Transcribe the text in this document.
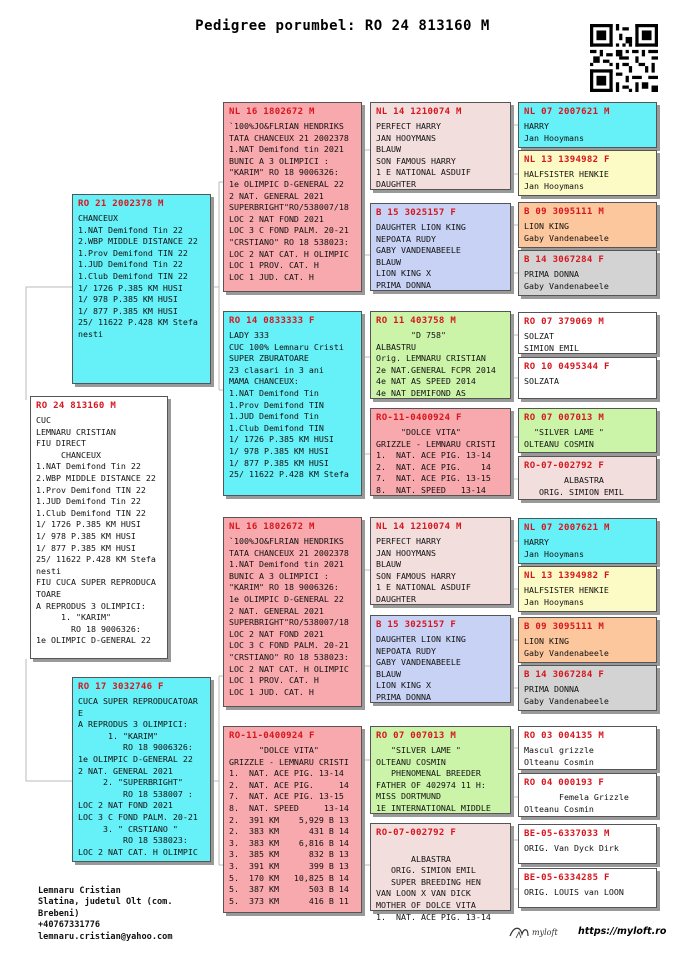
Pedigree porumbel: RO 24 813160 M
RO 24 813160 M
CUC
LEMNARU CRISTIAN
FIU DIRECT
CHANCEUX
1.NAT Demifond Tin 22
2.WBP MIDDLE DISTANCE 22
1.Prov Demifond TIN 22
1.JUD Demifond Tin 22
1.Club Demifond TIN 22
1/ 1726 P.385 KM HUSI
1/ 978 P.385 KM HUSI
1/ 877 P.385 KM HUSI
25/ 11622 P.428 KM Stefa
nesti
FIU CUCA SUPER REPRODUCA
TOARE
A REPRODUS 3 OLIMPICI:
1. "KARIM"
RO 18 9006326:
1e OLIMPIC D-GENERAL 22
RO 21 2002378 M
CHANCEUX
1.NAT Demifond Tin 22
2.WBP MIDDLE DISTANCE 22
1.Prov Demifond TIN 22
1.JUD Demifond Tin 22
1.Club Demifond TIN 22
1/ 1726 P.385 KM HUSI
1/ 978 P.385 KM HUSI
1/ 877 P.385 KM HUSI
25/ 11622 P.428 KM Stefa
nesti
RO 17 3032746 F
CUCA SUPER REPRODUCATOAR
E
A REPRODUS 3 OLIMPICI:
1. "KARIM"
RO 18 9006326:
1e OLIMPIC D-GENERAL 22
2 NAT. GENERAL 2021
2. "SUPERBRIGHT"
RO 18 538007 :
LOC 2 NAT FOND 2021
LOC 3 C FOND PALM. 20-21
3. " CRSTIANO "
RO 18 538023:
LOC 2 NAT CAT. H OLIMPIC
NL 16 1802672 M
`100%JO&FLRIAN HENDRIKS
TATA CHANCEUX 21 2002378
1.NAT Demifond tin 2021
BUNIC A 3 OLIMPICI :
"KARIM" RO 18 9006326:
1e OLIMPIC D-GENERAL 22
2 NAT. GENERAL 2021
SUPERBRIGHT"RO/538007/18
LOC 2 NAT FOND 2021
LOC 3 C FOND PALM. 20-21
"CRSTIANO" RO 18 538023:
LOC 2 NAT CAT. H OLIMPIC
LOC 1 PROV. CAT. H
LOC 1 JUD. CAT. H
RO 14 0833333 F
LADY 333
CUC 100% Lemnaru Cristi
SUPER ZBURATOARE
23 clasari in 3 ani
MAMA CHANCEUX:
1.NAT Demifond Tin
1.Prov Demifond TIN
1.JUD Demifond Tin
1.Club Demifond TIN
1/ 1726 P.385 KM HUSI
1/ 978 P.385 KM HUSI
1/ 877 P.385 KM HUSI
25/ 11622 P.428 KM Stefa
NL 16 1802672 M
`100%JO&FLRIAN HENDRIKS
TATA CHANCEUX 21 2002378
1.NAT Demifond tin 2021
BUNIC A 3 OLIMPICI :
"KARIM" RO 18 9006326:
1e OLIMPIC D-GENERAL 22
2 NAT. GENERAL 2021
SUPERBRIGHT"RO/538007/18
LOC 2 NAT FOND 2021
LOC 3 C FOND PALM. 20-21
"CRSTIANO" RO 18 538023:
LOC 2 NAT CAT. H OLIMPIC
LOC 1 PROV. CAT. H
LOC 1 JUD. CAT. H
RO-11-0400924 F
"DOLCE VITA"
GRIZZLE - LEMNARU CRISTI
1.  NAT. ACE PIG. 13-14
2.  NAT. ACE PIG.     14
7.  NAT. ACE PIG. 13-15
8.  NAT. SPEED     13-14
2.  391 KM    5,929 B 13
2.  383 KM      431 B 14
3.  383 KM    6,816 B 14
3.  385 KM      832 B 13
3.  391 KM      399 B 13
5.  170 KM   10,825 B 14
5.  387 KM      503 B 14
5.  373 KM      416 B 11
NL 14 1210074 M
PERFECT HARRY
JAN HOOYMANS
BLAUW
SON FAMOUS HARRY
1 E NATIONAL ASDUIF
DAUGHTER
B 15 3025157 F
DAUGHTER LION KING
NEPOATA RUDY
GABY VANDENABEELE
BLAUW
LION KING X
PRIMA DONNA
RO 11 403758 M
"D 758"
ALBASTRU
Orig. LEMNARU CRISTIAN
2e NAT.GENERAL FCPR 2014
4e NAT AS SPEED 2014
4e NAT DEMIFOND AS
RO-11-0400924 F
"DOLCE VITA"
GRIZZLE - LEMNARU CRISTI
1.  NAT. ACE PIG. 13-14
2.  NAT. ACE PIG.    14
7.  NAT. ACE PIG. 13-15
8.  NAT. SPEED   13-14
NL 14 1210074 M
PERFECT HARRY
JAN HOOYMANS
BLAUW
SON FAMOUS HARRY
1 E NATIONAL ASDUIF
DAUGHTER
B 15 3025157 F
DAUGHTER LION KING
NEPOATA RUDY
GABY VANDENABEELE
BLAUW
LION KING X
PRIMA DONNA
RO 07 007013 M
"SILVER LAME "
OLTEANU COSMIN
PHENOMENAL BREEDER
FATHER OF 402974 11 H:
MISS DORTMUND
1E INTERNATIONAL MIDDLE
RO-07-002792 F

ALBASTRA
ORIG. SIMION EMIL
SUPER BREEDING HEN
VAN LOON X VAN DICK
MOTHER OF DOLCE VITA
1.  NAT. ACE PIG. 13-14
NL 07 2007621 M
HARRY
Jan Hooymans
NL 13 1394982 F
HALFSISTER HENKIE
Jan Hooymans
B 09 3095111 M
LION KING
Gaby Vandenabeele
B 14 3067284 F
PRIMA DONNA
Gaby Vandenabeele
RO 07 379069 M
SOLZAT
SIMION EMIL
RO 10 0495344 F
SOLZATA
RO 07 007013 M
"SILVER LAME "
OLTEANU COSMIN
RO-07-002792 F
ALBASTRA
ORIG. SIMION EMIL
NL 07 2007621 M
HARRY
Jan Hooymans
NL 13 1394982 F
HALFSISTER HENKIE
Jan Hooymans
B 09 3095111 M
LION KING
Gaby Vandenabeele
B 14 3067284 F
PRIMA DONNA
Gaby Vandenabeele
RO 03 004135 M
Mascul grizzle
Olteanu Cosmin
RO 04 000193 F
Femela Grizzle
Olteanu Cosmin
BE-05-6337033 M
ORIG. Van Dyck Dirk
BE-05-6334285 F
ORIG. LOUIS van LOON
Lemnaru Cristian
Slatina, judetul Olt (com.
Brebeni)
+40767331776
lemnaru.cristian@yahoo.com	myloft https://myloft.ro
